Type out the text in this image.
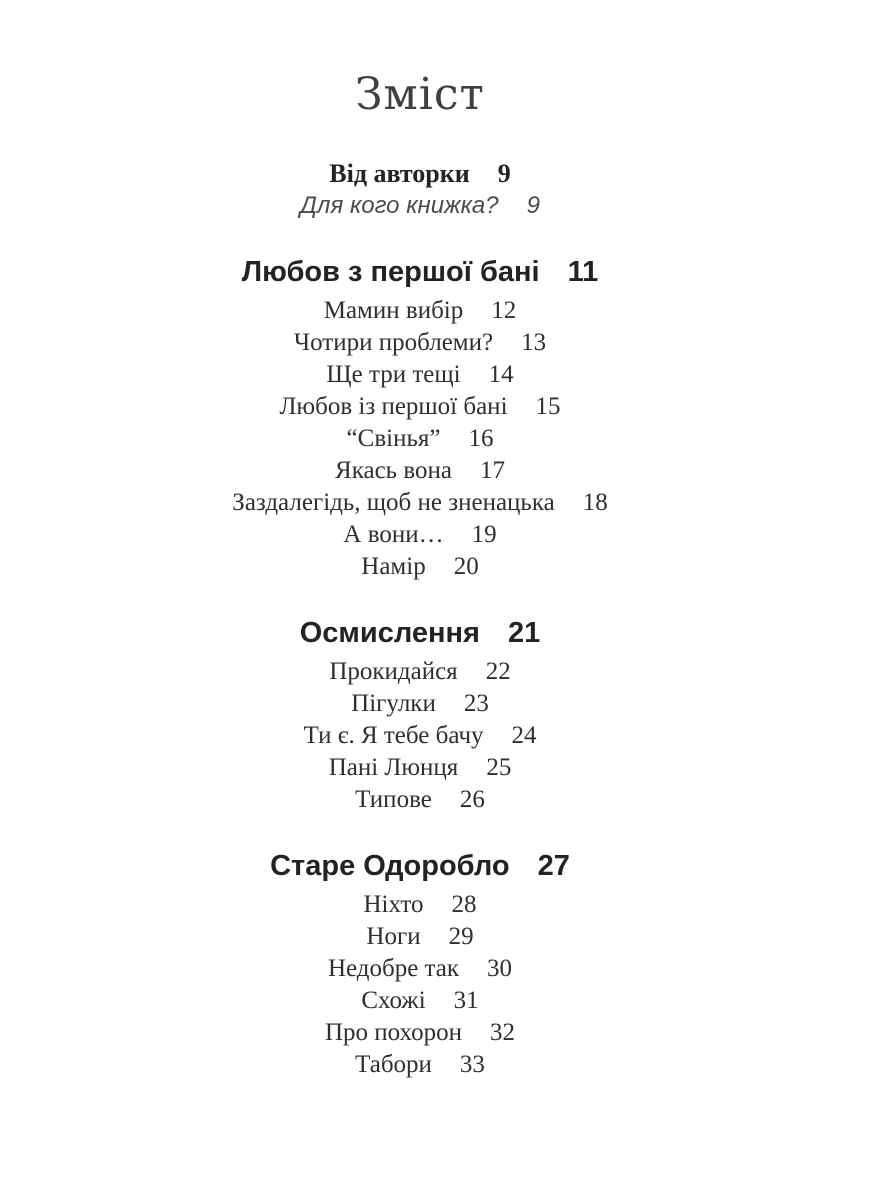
Зміст
Від авторки 9
Для кого книжка? 9
Любов з першої бані 11
Мамин вибір 12
Чотири проблеми? 13
Ще три тещі 14
Любов із першої бані 15
“Свінья” 16
Якась вона 17
Заздалегідь, щоб не зненацька 18
А вони… 19
Намір 20
Осмислення 21
Прокидайся 22
Пігулки 23
Ти є. Я тебе бачу 24
Пані Люнця 25
Типове 26
Старе Одоробло 27
Ніхто 28
Ноги 29
Недобре так 30
Схожі 31
Про похорон 32
Табори 33
